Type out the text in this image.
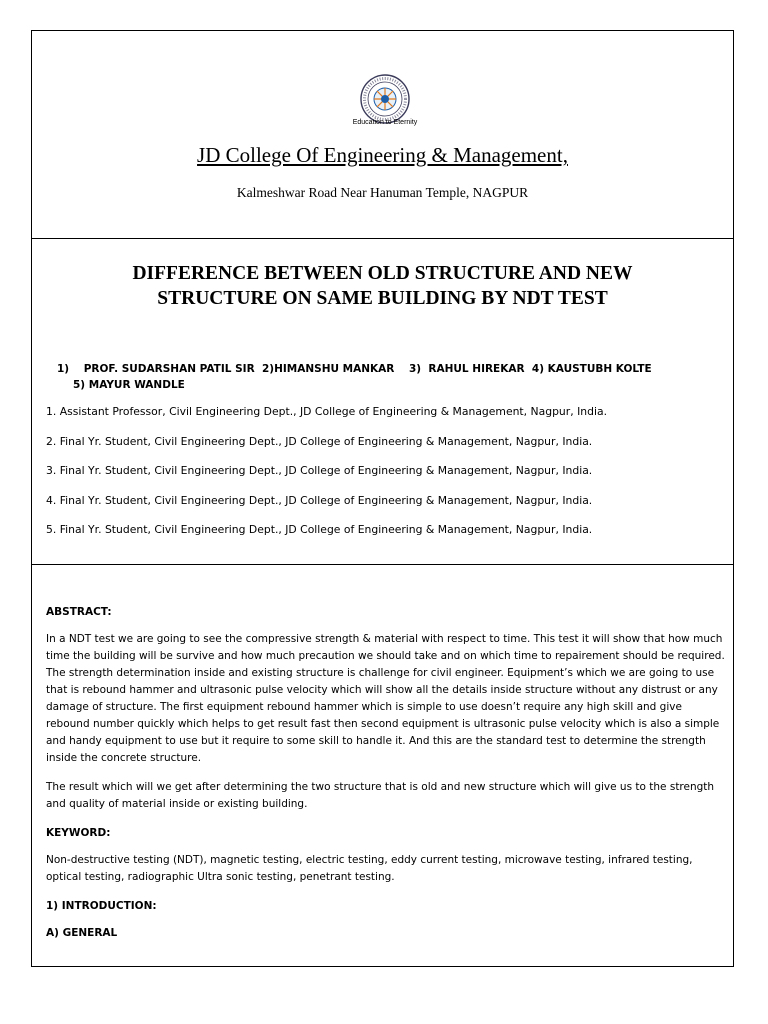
Education to Eternity
JD College Of Engineering & Management,
Kalmeshwar Road Near Hanuman Temple, NAGPUR
DIFFERENCE BETWEEN OLD STRUCTURE AND NEW
STRUCTURE ON SAME BUILDING BY NDT TEST
1)    PROF. SUDARSHAN PATIL SIR  2)HIMANSHU MANKAR    3)  RAHUL HIREKAR  4) KAUSTUBH KOLTE
5) MAYUR WANDLE
1. Assistant Professor, Civil Engineering Dept., JD College of Engineering & Management, Nagpur, India.
2. Final Yr. Student, Civil Engineering Dept., JD College of Engineering & Management, Nagpur, India.
3. Final Yr. Student, Civil Engineering Dept., JD College of Engineering & Management, Nagpur, India.
4. Final Yr. Student, Civil Engineering Dept., JD College of Engineering & Management, Nagpur, India.
5. Final Yr. Student, Civil Engineering Dept., JD College of Engineering & Management, Nagpur, India.
ABSTRACT:
In a NDT test we are going to see the compressive strength & material with respect to time. This test it will show that how much time the building will be survive and how much precaution we should take and on which time to repairement should be required. The strength determination inside and existing structure is challenge for civil engineer. Equipment’s which we are going to use that is rebound hammer and ultrasonic pulse velocity which will show all the details inside structure without any distrust or any damage of structure. The first equipment rebound hammer which is simple to use doesn’t require any high skill and give rebound number quickly which helps to get result fast then second equipment is ultrasonic pulse velocity which is also a simple and handy equipment to use but it require to some skill to handle it. And this are the standard test to determine the strength inside the concrete structure.
The result which will we get after determining the two structure that is old and new structure which will give us to the strength and quality of material inside or existing building.
KEYWORD:
Non-destructive testing (NDT), magnetic testing, electric testing, eddy current testing, microwave testing, infrared testing, optical testing, radiographic Ultra sonic testing, penetrant testing.
1) INTRODUCTION:
A) GENERAL
